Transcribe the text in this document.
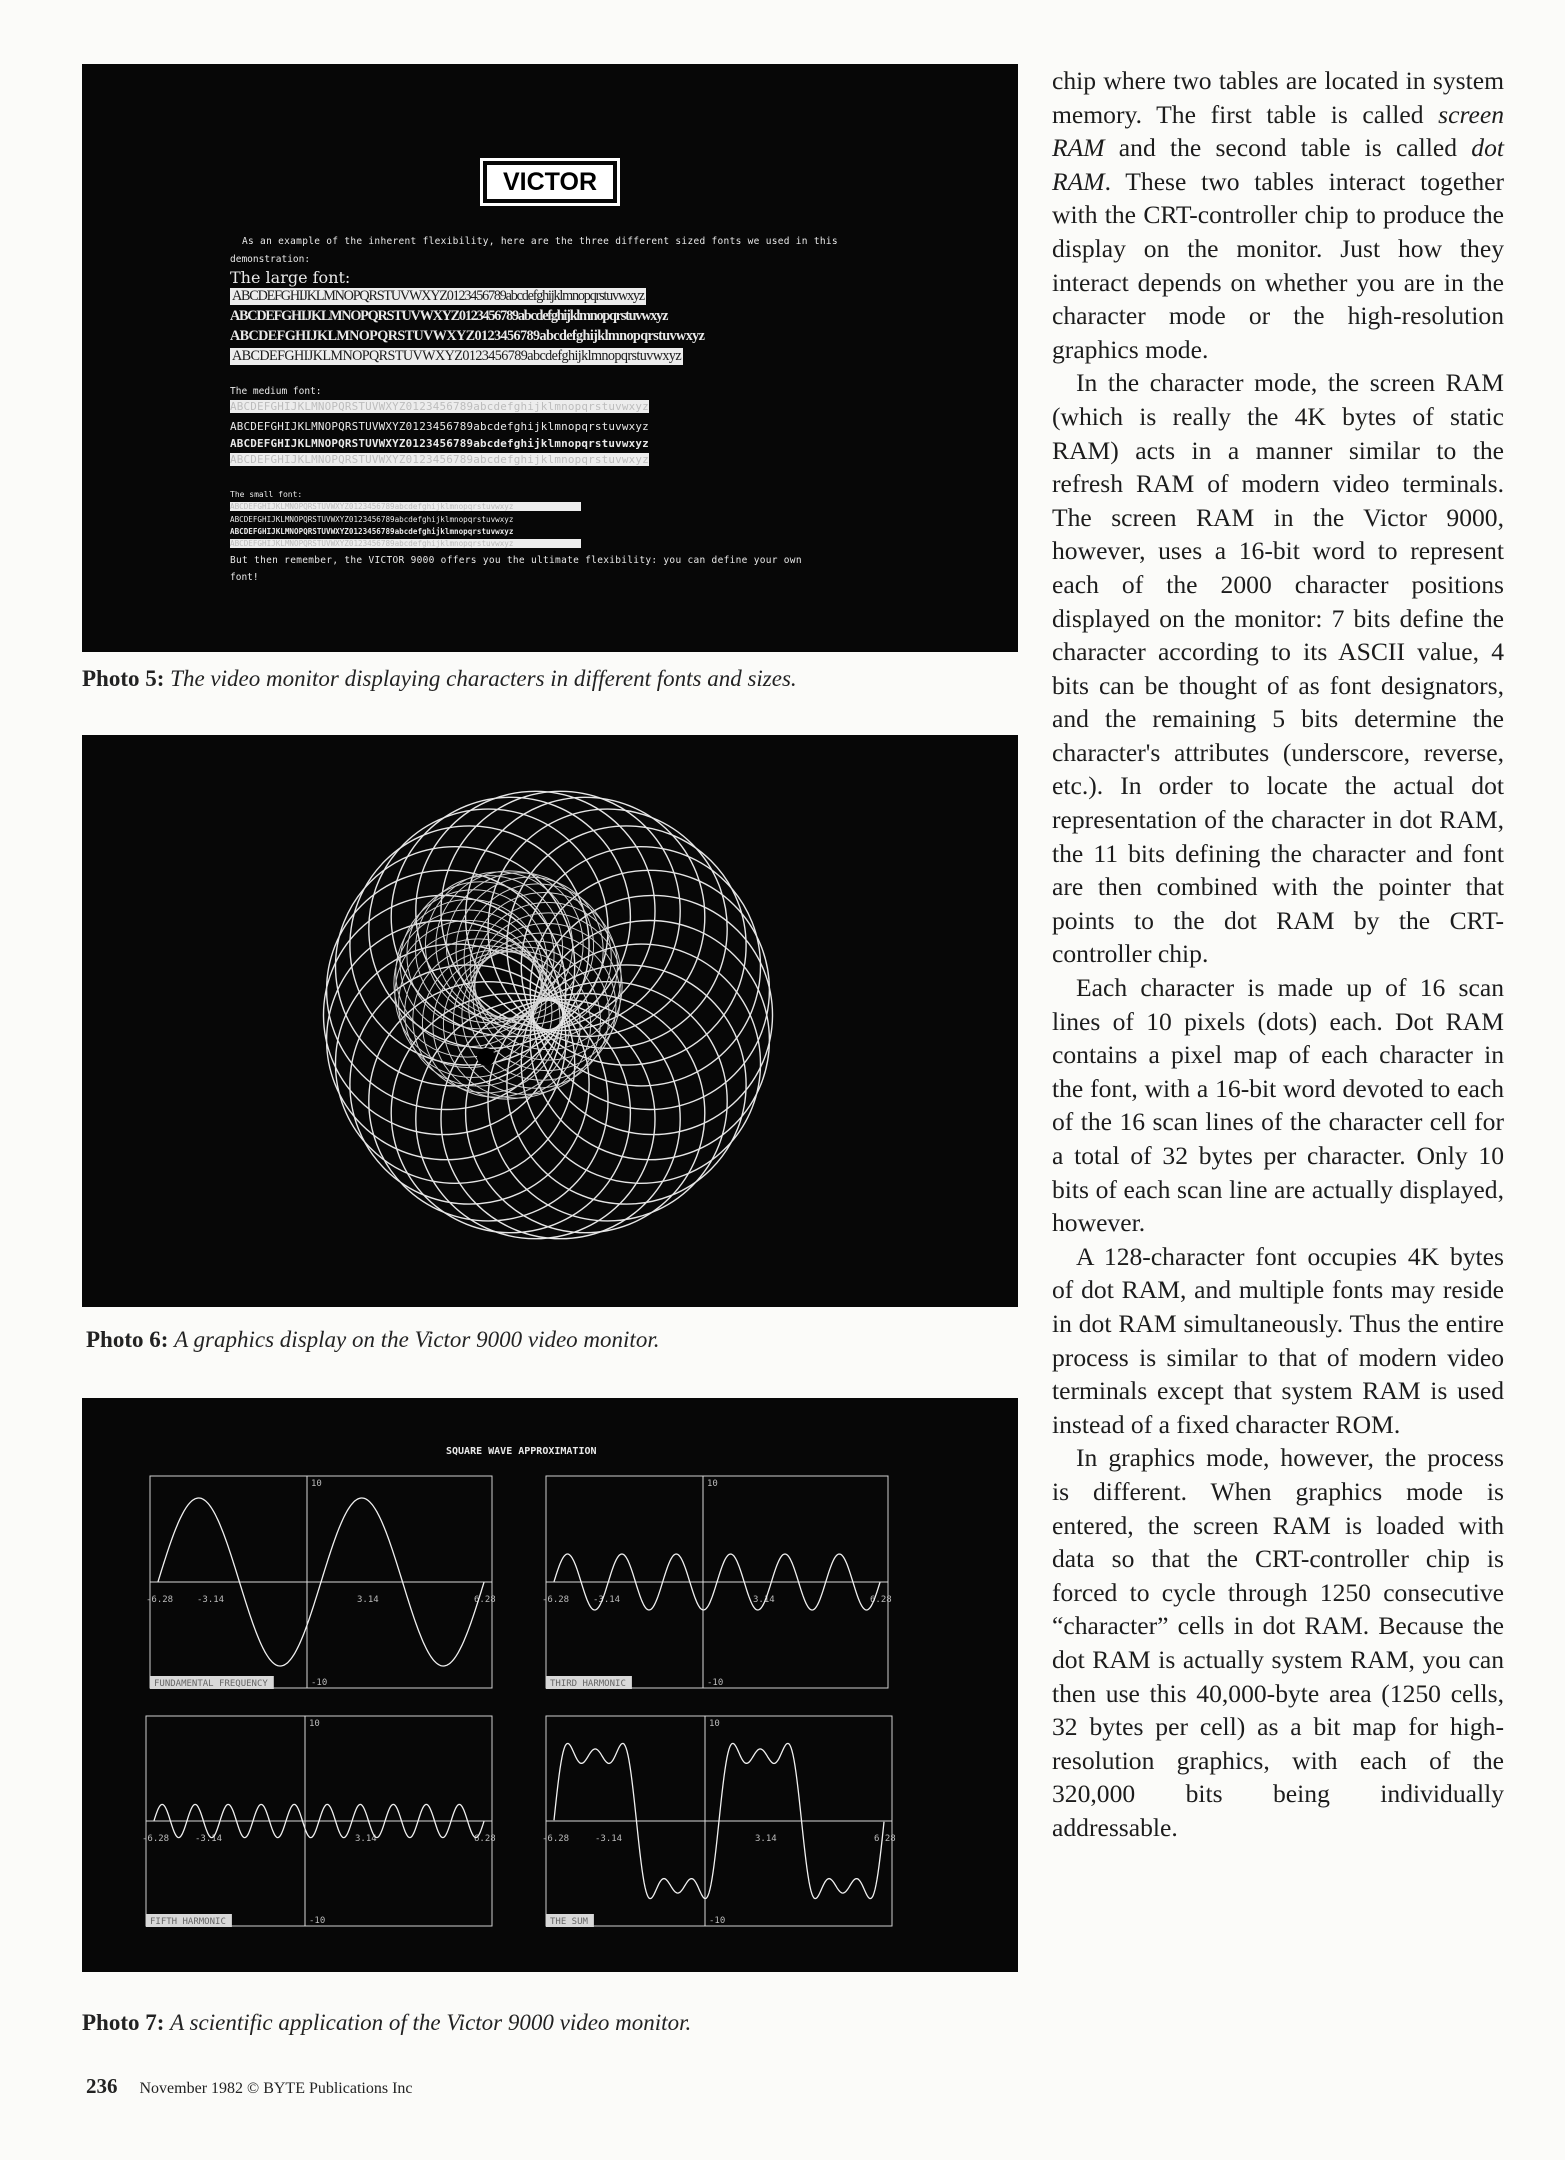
VICTOR
As an example of the inherent flexibility, here are the three different sized fonts we used in this
demonstration:
The large font:
ABCDEFGHIJKLMNOPQRSTUVWXYZ0123456789abcdefghijklmnopqrstuvwxyz
ABCDEFGHIJKLMNOPQRSTUVWXYZ0123456789abcdefghijklmnopqrstuvwxyz
ABCDEFGHIJKLMNOPQRSTUVWXYZ0123456789abcdefghijklmnopqrstuvwxyz
ABCDEFGHIJKLMNOPQRSTUVWXYZ0123456789abcdefghijklmnopqrstuvwxyz
The medium font:
ABCDEFGHIJKLMNOPQRSTUVWXYZ0123456789abcdefghijklmnopqrstuvwxyz
ABCDEFGHIJKLMNOPQRSTUVWXYZ0123456789abcdefghijklmnopqrstuvwxyz
ABCDEFGHIJKLMNOPQRSTUVWXYZ0123456789abcdefghijklmnopqrstuvwxyz
ABCDEFGHIJKLMNOPQRSTUVWXYZ0123456789abcdefghijklmnopqrstuvwxyz
The small font:
ABCDEFGHIJKLMNOPQRSTUVWXYZ0123456789abcdefghijklmnopqrstuvwxyz
ABCDEFGHIJKLMNOPQRSTUVWXYZ0123456789abcdefghijklmnopqrstuvwxyz
ABCDEFGHIJKLMNOPQRSTUVWXYZ0123456789abcdefghijklmnopqrstuvwxyz
ABCDEFGHIJKLMNOPQRSTUVWXYZ0123456789abcdefghijklmnopqrstuvwxyz
But then remember, the VICTOR 9000 offers you the ultimate flexibility: you can define your own
font!
Photo 5: The video monitor displaying characters in different fonts and sizes.
Photo 6: A graphics display on the Victor 9000 video monitor.
SQUARE WAVE APPROXIMATION
10
-10
-6.28	-3.14	3.14	6.28
FUNDAMENTAL FREQUENCY
10
-10
-6.28	-3.14	3.14	6.28
THIRD HARMONIC
10
-10
-6.28	-3.14	3.14	6.28
FIFTH HARMONIC
10
-10
-6.28	-3.14	3.14	6.28
THE SUM
Photo 7: A scientific application of the Victor 9000 video monitor.

chip where two tables are located in system memory. The first table is called screen RAM and the second table is called dot RAM. These two tables interact together with the CRT-controller chip to produce the display on the monitor. Just how they interact depends on whether you are in the character mode or the high-resolution graphics mode.

In the character mode, the screen RAM (which is really the 4K bytes of static RAM) acts in a manner similar to the refresh RAM of modern video terminals. The screen RAM in the Victor 9000, however, uses a 16-bit word to represent each of the 2000 character positions displayed on the monitor: 7 bits define the character according to its ASCII value, 4 bits can be thought of as font designators, and the remaining 5 bits determine the character's attributes (underscore, reverse, etc.). In order to locate the actual dot representation of the character in dot RAM, the 11 bits defining the character and font are then combined with the pointer that points to the dot RAM by the CRT-controller chip.

Each character is made up of 16 scan lines of 10 pixels (dots) each. Dot RAM contains a pixel map of each character in the font, with a 16-bit word devoted to each of the 16 scan lines of the character cell for a total of 32 bytes per character. Only 10 bits of each scan line are actually displayed, however.

A 128-character font occupies 4K bytes of dot RAM, and multiple fonts may reside in dot RAM simultaneously. Thus the entire process is similar to that of modern video terminals except that system RAM is used instead of a fixed character ROM.

In graphics mode, however, the process is different. When graphics mode is entered, the screen RAM is loaded with data so that the CRT-controller chip is forced to cycle through 1250 consecutive “character” cells in dot RAM. Because the dot RAM is actually system RAM, you can then use this 40,000-byte area (1250 cells, 32 bytes per cell) as a bit map for high-resolution graphics, with each of the 320,000 bits being individually addressable.

236 November 1982 © BYTE Publications Inc
